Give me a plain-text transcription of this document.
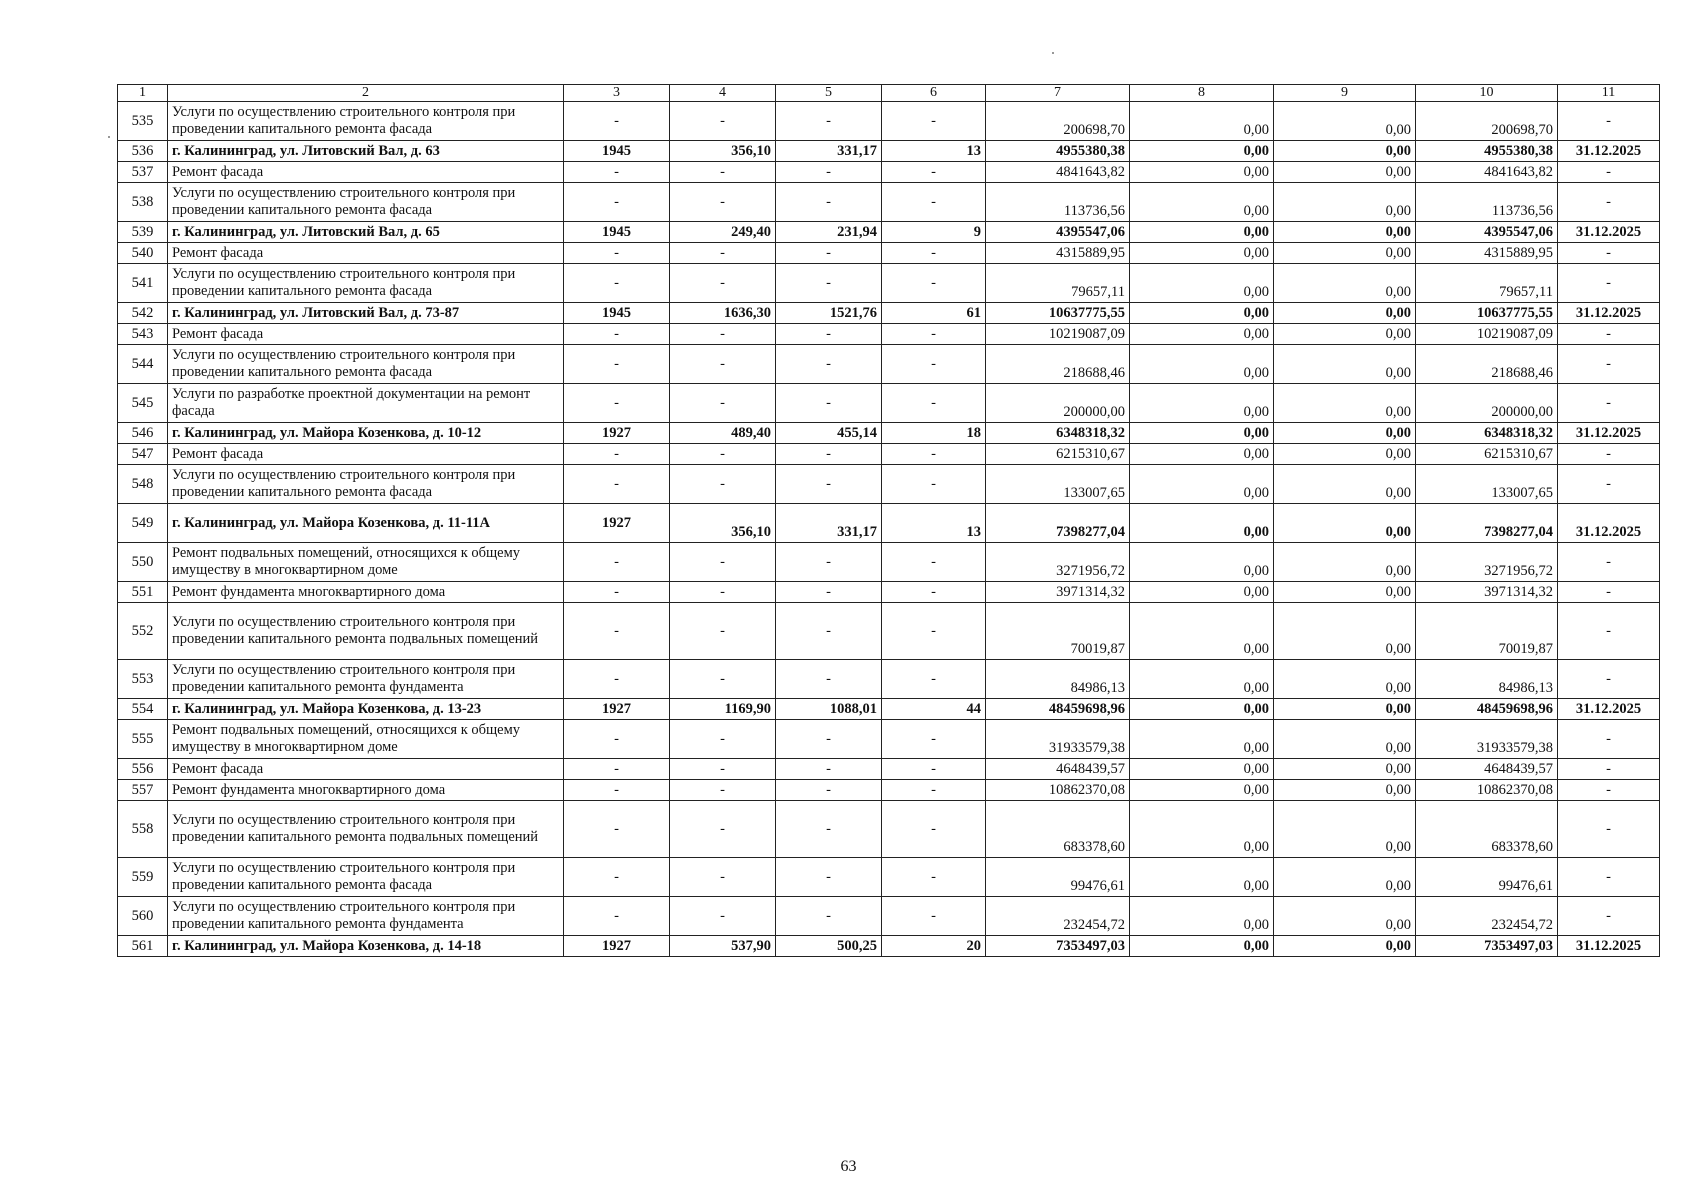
1	2	3	4	5	6	7	8	9	10	11
535	Услуги по осуществлению строительного контроля при проведении капитального ремонта фасада	-	-	-	-	200698,70	0,00	0,00	200698,70	-
536	г. Калининград, ул. Литовский Вал, д. 63	1945	356,10	331,17	13	4955380,38	0,00	0,00	4955380,38	31.12.2025
537	Ремонт фасада	-	-	-	-	4841643,82	0,00	0,00	4841643,82	-
538	Услуги по осуществлению строительного контроля при проведении капитального ремонта фасада	-	-	-	-	113736,56	0,00	0,00	113736,56	-
539	г. Калининград, ул. Литовский Вал, д. 65	1945	249,40	231,94	9	4395547,06	0,00	0,00	4395547,06	31.12.2025
540	Ремонт фасада	-	-	-	-	4315889,95	0,00	0,00	4315889,95	-
541	Услуги по осуществлению строительного контроля при проведении капитального ремонта фасада	-	-	-	-	79657,11	0,00	0,00	79657,11	-
542	г. Калининград, ул. Литовский Вал, д. 73-87	1945	1636,30	1521,76	61	10637775,55	0,00	0,00	10637775,55	31.12.2025
543	Ремонт фасада	-	-	-	-	10219087,09	0,00	0,00	10219087,09	-
544	Услуги по осуществлению строительного контроля при проведении капитального ремонта фасада	-	-	-	-	218688,46	0,00	0,00	218688,46	-
545	Услуги по разработке проектной документации на ремонт фасада	-	-	-	-	200000,00	0,00	0,00	200000,00	-
546	г. Калининград, ул. Майора Козенкова, д. 10-12	1927	489,40	455,14	18	6348318,32	0,00	0,00	6348318,32	31.12.2025
547	Ремонт фасада	-	-	-	-	6215310,67	0,00	0,00	6215310,67	-
548	Услуги по осуществлению строительного контроля при проведении капитального ремонта фасада	-	-	-	-	133007,65	0,00	0,00	133007,65	-
549	г. Калининград, ул. Майора Козенкова, д. 11-11А	1927	356,10	331,17	13	7398277,04	0,00	0,00	7398277,04	31.12.2025
550	Ремонт подвальных помещений, относящихся к общему имуществу в многоквартирном доме	-	-	-	-	3271956,72	0,00	0,00	3271956,72	-
551	Ремонт фундамента многоквартирного дома	-	-	-	-	3971314,32	0,00	0,00	3971314,32	-
552	Услуги по осуществлению строительного контроля при проведении капитального ремонта подвальных помещений	-	-	-	-	70019,87	0,00	0,00	70019,87	-
553	Услуги по осуществлению строительного контроля при проведении капитального ремонта фундамента	-	-	-	-	84986,13	0,00	0,00	84986,13	-
554	г. Калининград, ул. Майора Козенкова, д. 13-23	1927	1169,90	1088,01	44	48459698,96	0,00	0,00	48459698,96	31.12.2025
555	Ремонт подвальных помещений, относящихся к общему имуществу в многоквартирном доме	-	-	-	-	31933579,38	0,00	0,00	31933579,38	-
556	Ремонт фасада	-	-	-	-	4648439,57	0,00	0,00	4648439,57	-
557	Ремонт фундамента многоквартирного дома	-	-	-	-	10862370,08	0,00	0,00	10862370,08	-
558	Услуги по осуществлению строительного контроля при проведении капитального ремонта подвальных помещений	-	-	-	-	683378,60	0,00	0,00	683378,60	-
559	Услуги по осуществлению строительного контроля при проведении капитального ремонта фасада	-	-	-	-	99476,61	0,00	0,00	99476,61	-
560	Услуги по осуществлению строительного контроля при проведении капитального ремонта фундамента	-	-	-	-	232454,72	0,00	0,00	232454,72	-
561	г. Калининград, ул. Майора Козенкова, д. 14-18	1927	537,90	500,25	20	7353497,03	0,00	0,00	7353497,03	31.12.2025
63
